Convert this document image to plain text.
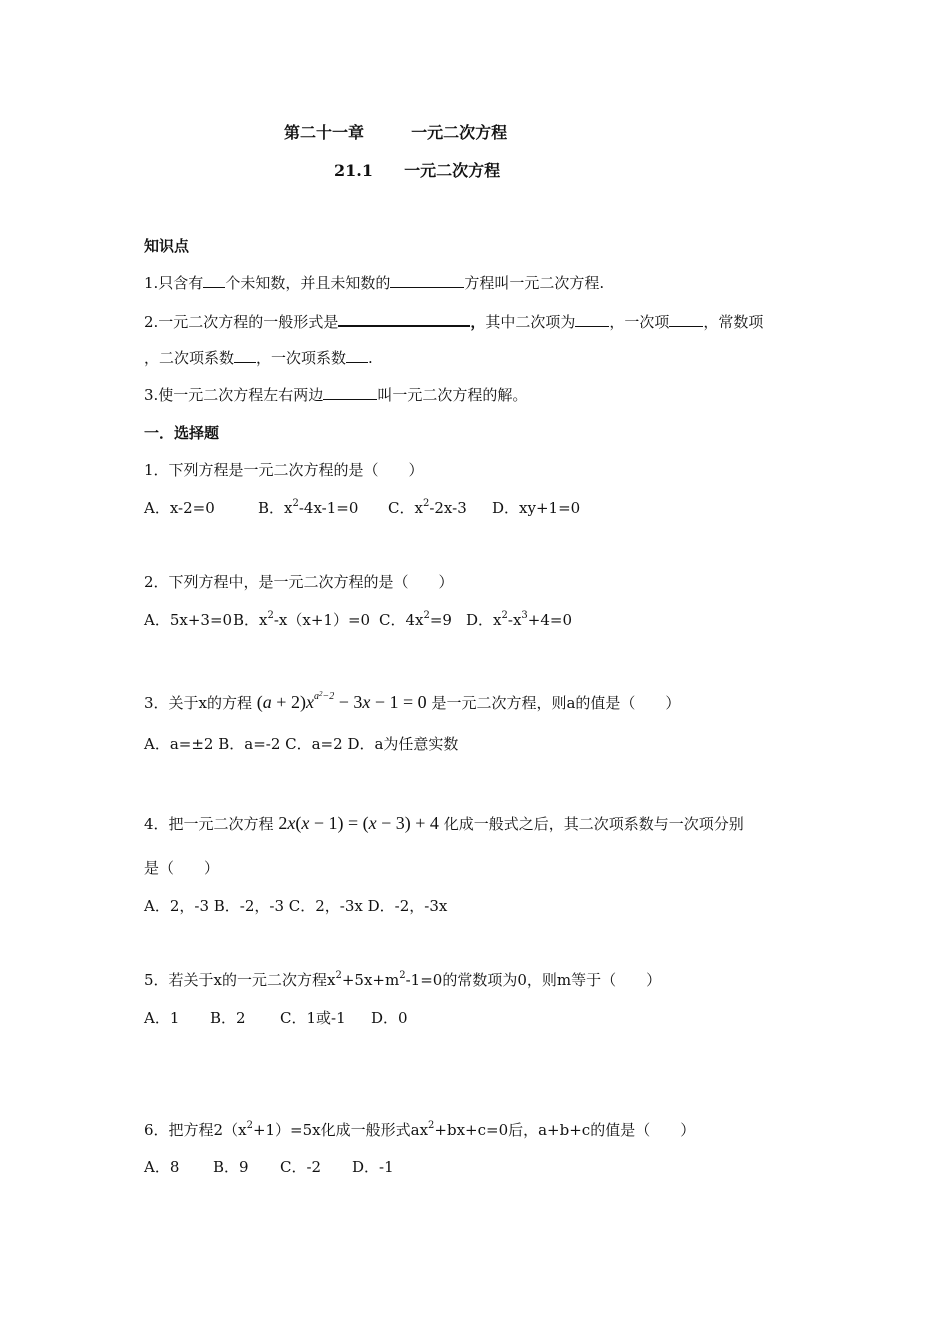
第二十一章	一元二次方程
21.1 一元二次方程
知识点
1.只含有 个未知数，并且未知数的	方程叫一元二次方程.
2.一元二次方程的一般形式是	，其中二次项为 ，一次项 ，常数项
，二次项系数 ，一次项系数 .
3.使一元二次方程左右两边	叫一元二次方程的解。
一．选择题
1．下列方程是一元二次方程的是（　　）
A．x-2=0	B．$x^2-4x-1=0$ C．$x^2-2x-3$ D．xy+1=0
2．下列方程中，是一元二次方程的是（　　）
A．5x+3=0 B．$x^2-x(x+1)=0$ C．$4x^2=9$ D．$x^2-x^3+4=0$
3．关于x的方程 $(a + 2)x^{a^2-2} - 3x - 1 = 0$ 是一元二次方程，则a的值是（　　）
A．a=±2 B．a=-2 C．a=2 D．a为任意实数
4．把一元二次方程 2x(x − 1) = (x − 3) + 4 化成一般式之后，其二次项系数与一次项分别
是（　　）
A．2，-3 B．-2，-3 C．2，-3x D．-2，-3x
5．若关于x的一元二次方程$x^2+5x+m^2-1=0$的常数项为0，则m等于（　　）
A．1 B．2 C．1或-1 D．0
6．把方程$2(x^2+1)=5x$化成一般形式$ax^2+bx+c=0$后，a+b+c的值是（　　）
A．8 B．9 C．-2 D．-1
